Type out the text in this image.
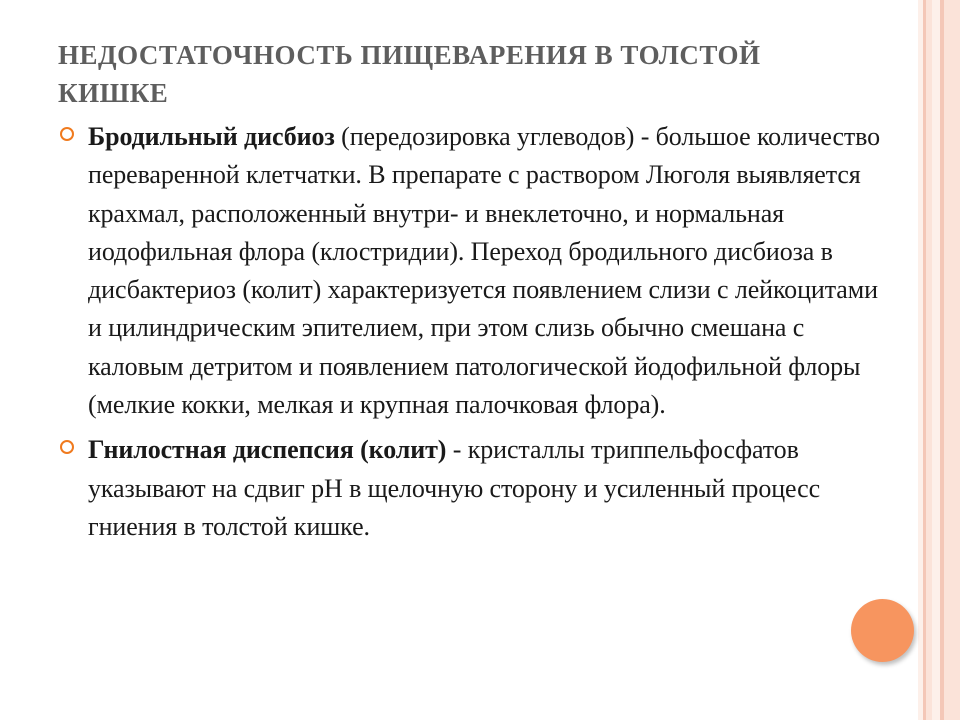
НЕДОСТАТОЧНОСТЬ ПИЩЕВАРЕНИЯ В ТОЛСТОЙ КИШКЕ
Бродильный дисбиоз (передозировка углеводов) - большое количество переваренной клетчатки. В препарате с раствором Люголя выявляется крахмал, расположенный внутри- и внеклеточно, и нормальная иодофильная флора (клостридии). Переход бродильного дисбиоза в дисбактериоз (колит) характеризуется появлением слизи с лейкоцитами и цилиндрическим эпителием, при этом слизь обычно смешана с каловым детритом и появлением патологической йодофильной флоры (мелкие кокки, мелкая и крупная палочковая флора).
Гнилостная диспепсия (колит) - кристаллы триппельфосфатов указывают на сдвиг рН в щелочную сторону и усиленный процесс гниения в толстой кишке.
